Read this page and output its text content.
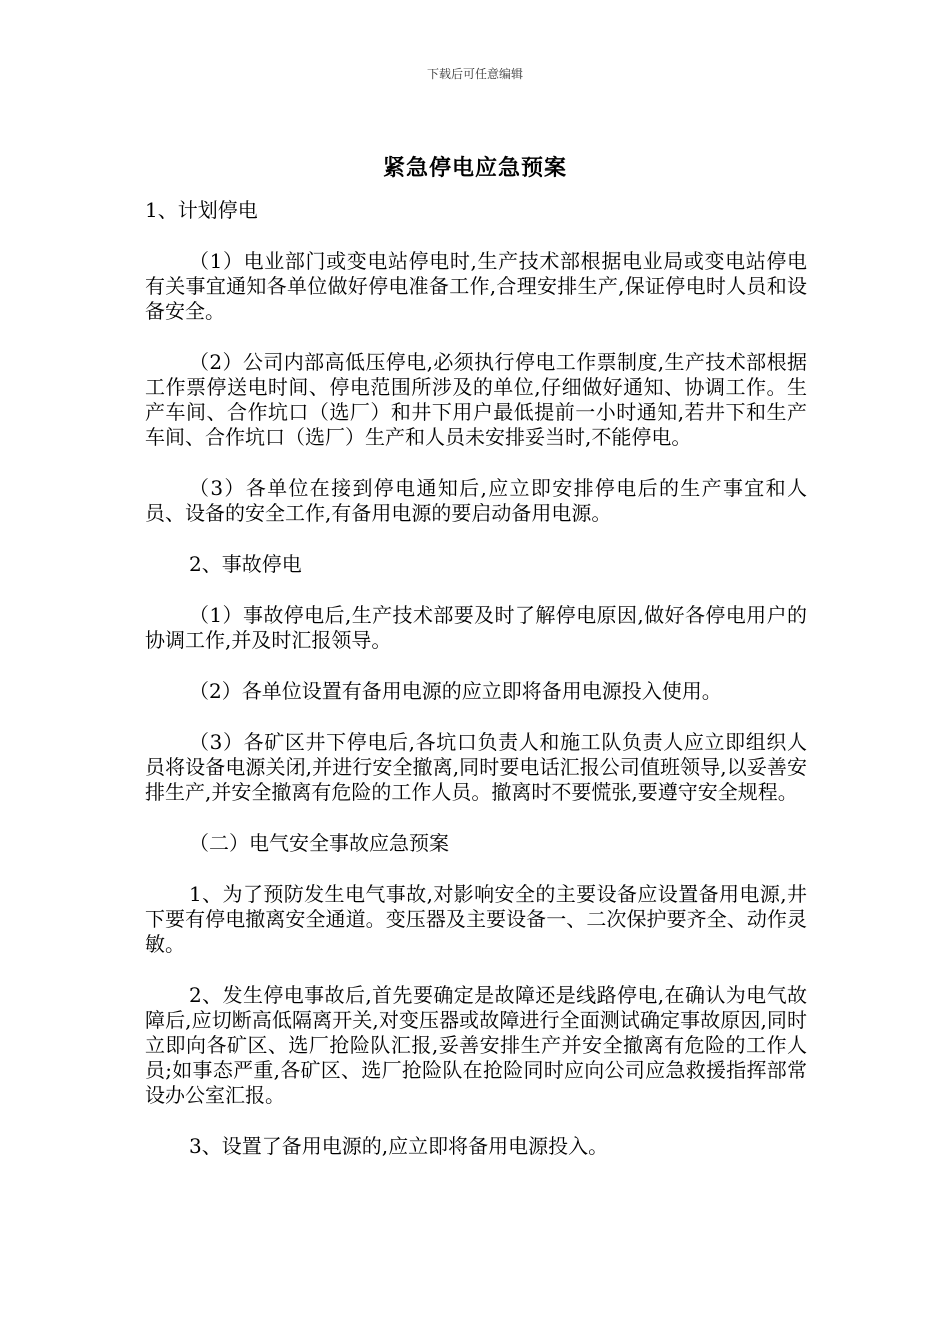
下载后可任意编辑
紧急停电应急预案

1、计划停电

（1）电业部门或变电站停电时,生产技术部根据电业局或变电站停电有关事宜通知各单位做好停电准备工作,合理安排生产,保证停电时人员和设备安全。

（2）公司内部高低压停电,必须执行停电工作票制度,生产技术部根据工作票停送电时间、停电范围所涉及的单位,仔细做好通知、协调工作。生产车间、合作坑口（选厂）和井下用户最低提前一小时通知,若井下和生产车间、合作坑口（选厂）生产和人员未安排妥当时,不能停电。

（3）各单位在接到停电通知后,应立即安排停电后的生产事宜和人员、设备的安全工作,有备用电源的要启动备用电源。

2、事故停电

（1）事故停电后,生产技术部要及时了解停电原因,做好各停电用户的协调工作,并及时汇报领导。

（2）各单位设置有备用电源的应立即将备用电源投入使用。

（3）各矿区井下停电后,各坑口负责人和施工队负责人应立即组织人员将设备电源关闭,并进行安全撤离,同时要电话汇报公司值班领导,以妥善安排生产,并安全撤离有危险的工作人员。撤离时不要慌张,要遵守安全规程。

（二）电气安全事故应急预案

1、为了预防发生电气事故,对影响安全的主要设备应设置备用电源,井下要有停电撤离安全通道。变压器及主要设备一、二次保护要齐全、动作灵敏。

2、发生停电事故后,首先要确定是故障还是线路停电,在确认为电气故障后,应切断高低隔离开关,对变压器或故障进行全面测试确定事故原因,同时立即向各矿区、选厂抢险队汇报,妥善安排生产并安全撤离有危险的工作人员;如事态严重,各矿区、选厂抢险队在抢险同时应向公司应急救援指挥部常设办公室汇报。

3、设置了备用电源的,应立即将备用电源投入。
